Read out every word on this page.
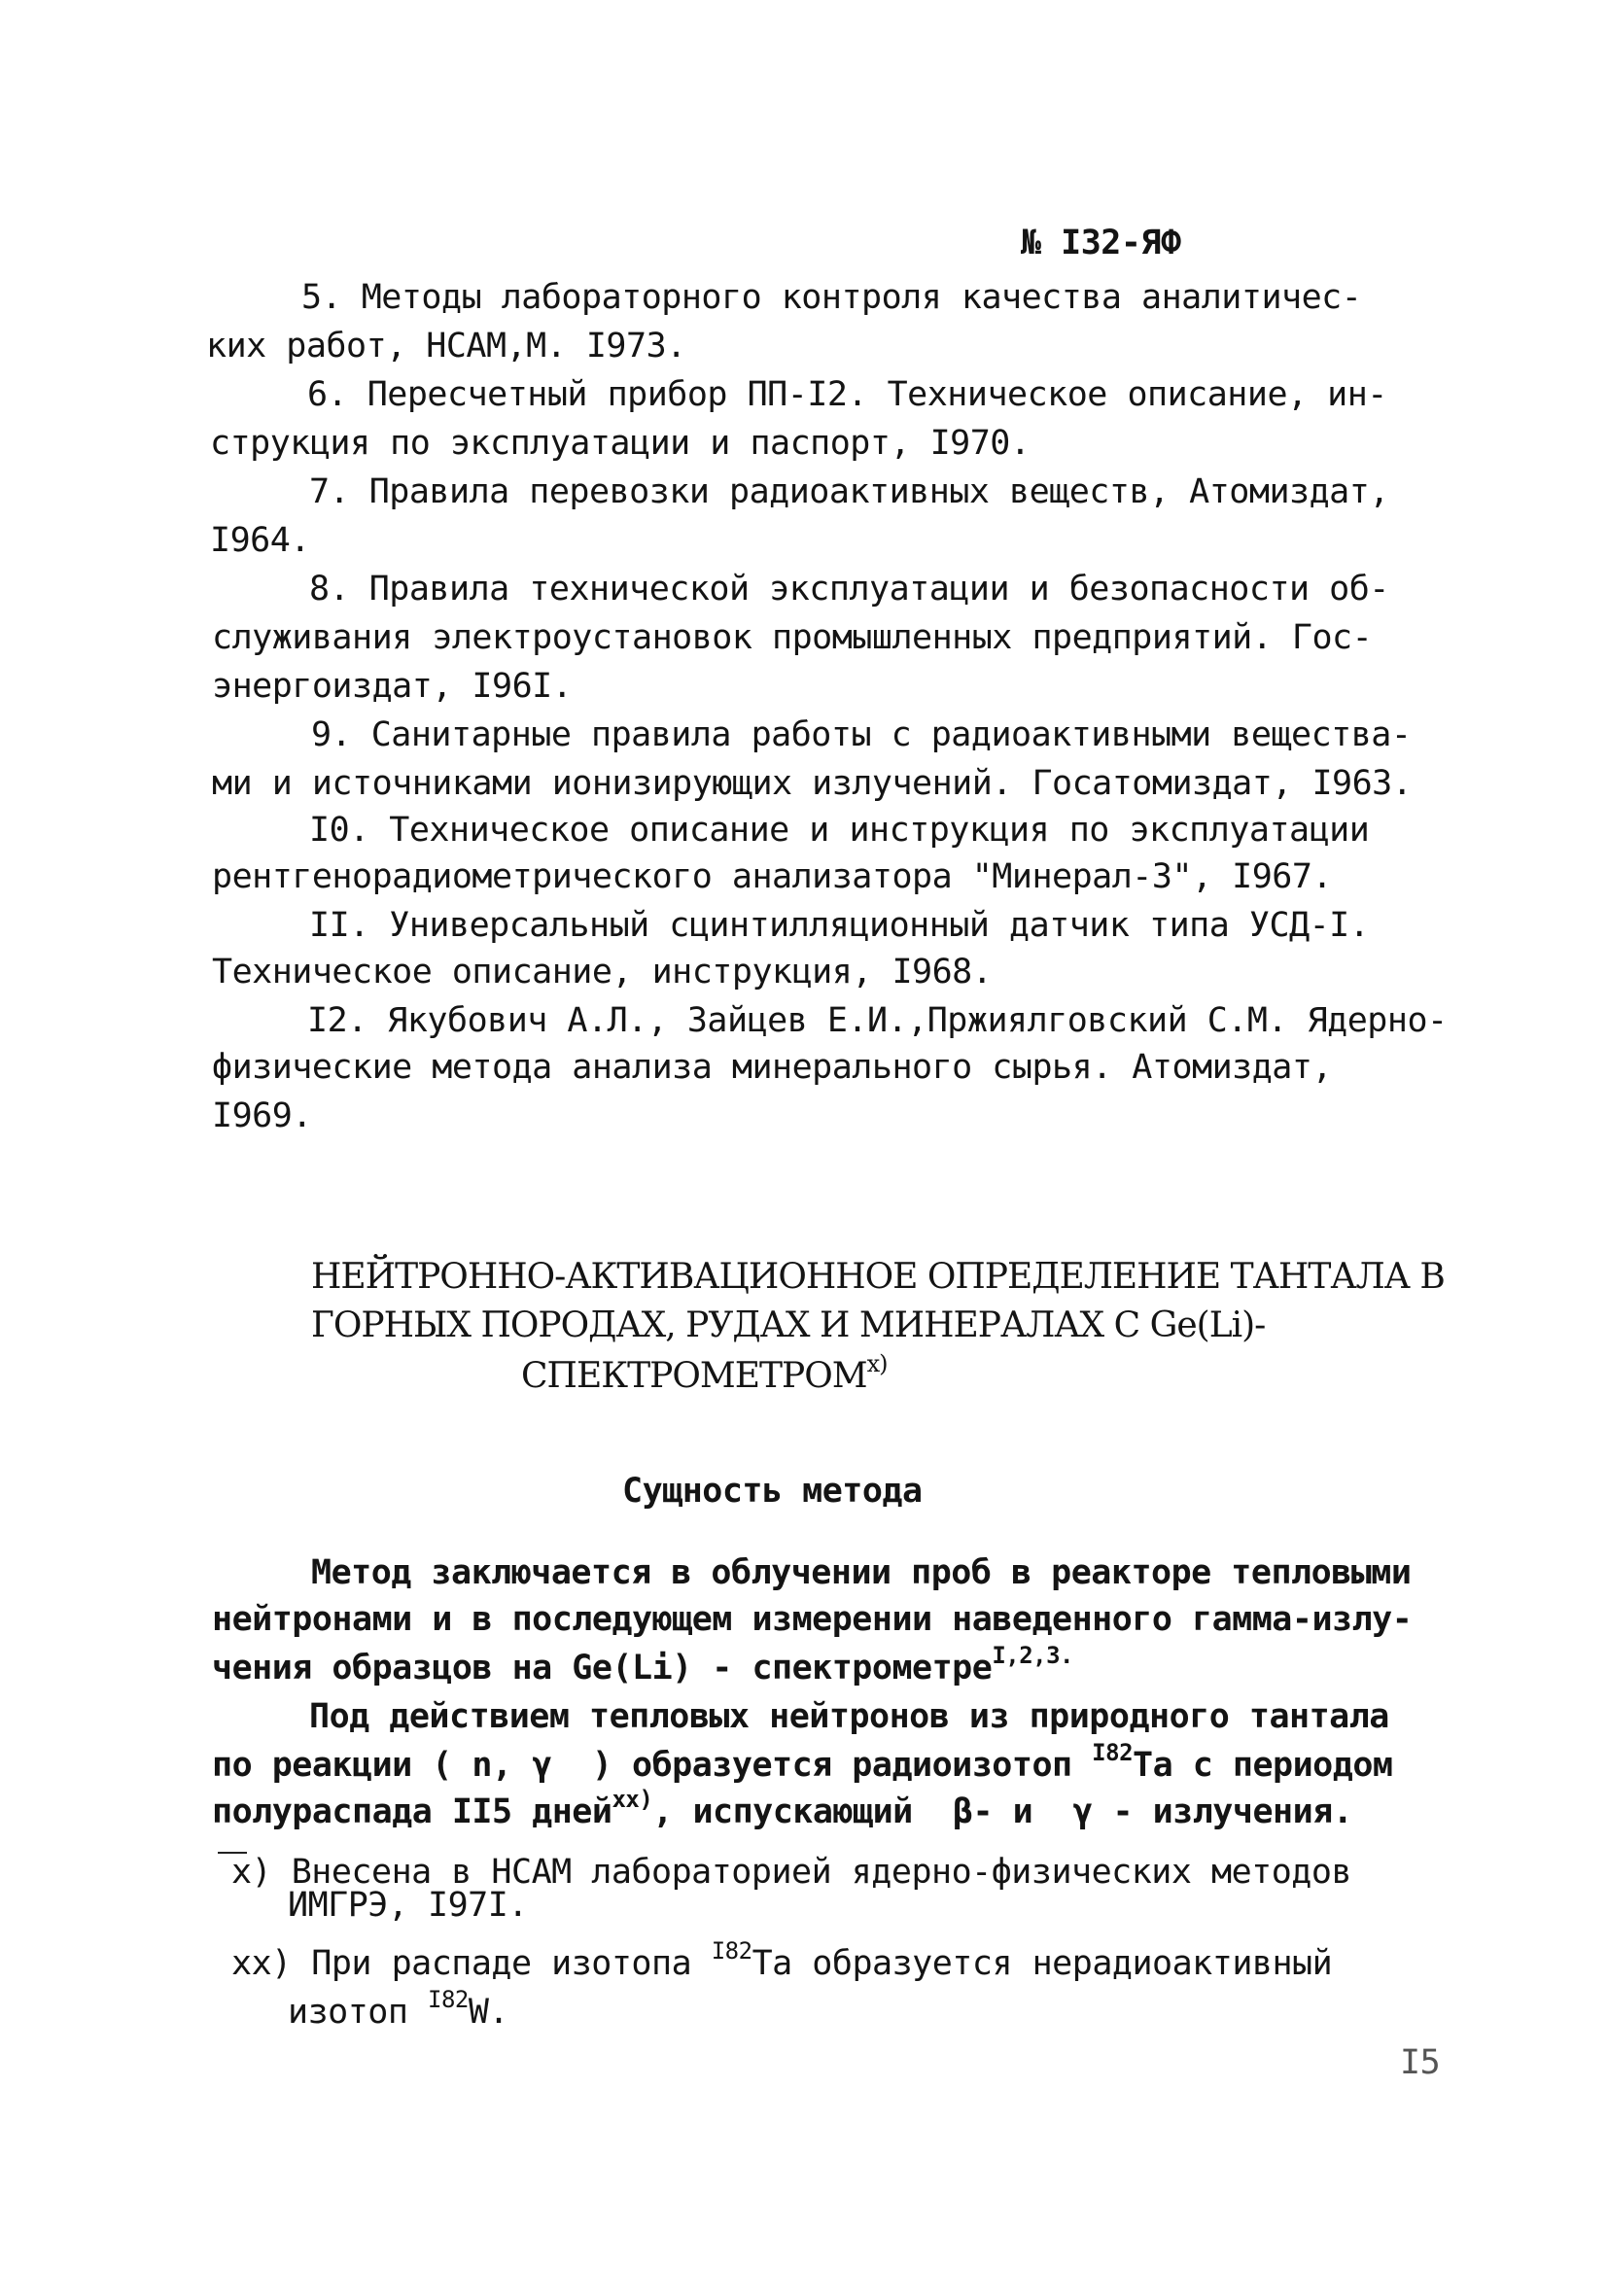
№ I32-ЯФ
5. Методы лабораторного контроля качества аналитичес-
ких работ, НСАМ,М. I973.
6. Пересчетный прибор ПП-I2. Техническое описание, ин-
струкция по эксплуатации и паспорт, I970.
7. Правила перевозки радиоактивных веществ, Атомиздат,
I964.
8. Правила технической эксплуатации и безопасности об-
служивания электроустановок промышленных предприятий. Гос-
энергоиздат, I96I.
9. Санитарные правила работы с радиоактивными вещества-
ми и источниками ионизирующих излучений. Госатомиздат, I963.
I0. Техническое описание и инструкция по эксплуатации
рентгенорадиометрического анализатора "Минерал-3", I967.
II. Универсальный сцинтилляционный датчик типа УСД-I.
Техническое описание, инструкция, I968.
I2. Якубович А.Л., Зайцев Е.И.,Пржиялговский С.М. Ядерно-
физические метода анализа минерального сырья. Атомиздат,
I969.
НЕЙТРОННО-АКТИВАЦИОННОЕ ОПРЕДЕЛЕНИЕ ТАНТАЛА В
ГОРНЫХ ПОРОДАХ, РУДАХ И МИНЕРАЛАХ С Ge(Li)-
СПЕКТРОМЕТРОМ$^{x)}$
Сущность метода
Метод заключается в облучении проб в реакторе тепловыми
нейтронами и в последующем измерении наведенного гамма-излу-
чения образцов на Ge(Li) - спектрометре$^{I,2,3.}$
Под действием тепловых нейтронов из природного тантала
по реакции ( n, γ  ) образуется радиоизотоп $^{I82}$Ta с периодом
полураспада II5 дней$^{xx)}$, испускающий  β- и  γ - излучения.
x) Внесена в НСАМ лабораторией ядерно-физических методов
ИМГРЭ, I97I.
xx) При распаде изотопа $^{I82}$Ta образуется нерадиоактивный
изотоп $^{I82}$W.
I5
